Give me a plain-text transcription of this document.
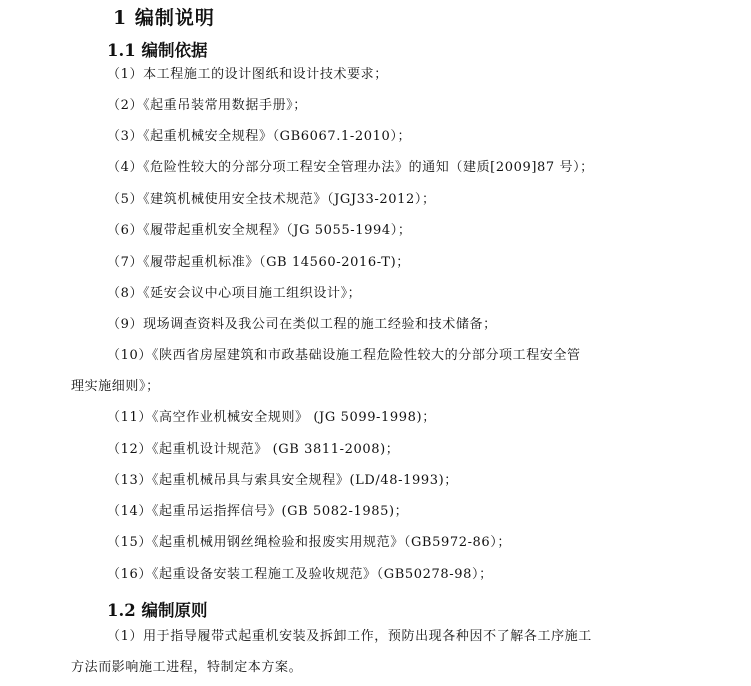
1 编制说明
1.1 编制依据
（1）本工程施工的设计图纸和设计技术要求；
（2）《起重吊装常用数据手册》；
（3）《起重机械安全规程》（GB6067.1-2010）；
（4）《危险性较大的分部分项工程安全管理办法》的通知（建质[2009]87 号）；
（5）《建筑机械使用安全技术规范》（JGJ33-2012）；
（6）《履带起重机安全规程》（JG 5055-1994）；
（7）《履带起重机标准》（GB 14560-2016-T)；
（8）《延安会议中心项目施工组织设计》；
（9）现场调查资料及我公司在类似工程的施工经验和技术储备；
（10）《陕西省房屋建筑和市政基础设施工程危险性较大的分部分项工程安全管
理实施细则》；
（11）《高空作业机械安全规则》 (JG 5099-1998)；
（12）《起重机设计规范》 (GB 3811-2008)；
（13）《起重机械吊具与索具安全规程》(LD/48-1993)；
（14）《起重吊运指挥信号》(GB 5082-1985)；
（15）《起重机械用钢丝绳检验和报废实用规范》（GB5972-86）；
（16）《起重设备安装工程施工及验收规范》（GB50278-98）；
1.2 编制原则
（1）用于指导履带式起重机安装及拆卸工作，预防出现各种因不了解各工序施工
方法而影响施工进程，特制定本方案。
